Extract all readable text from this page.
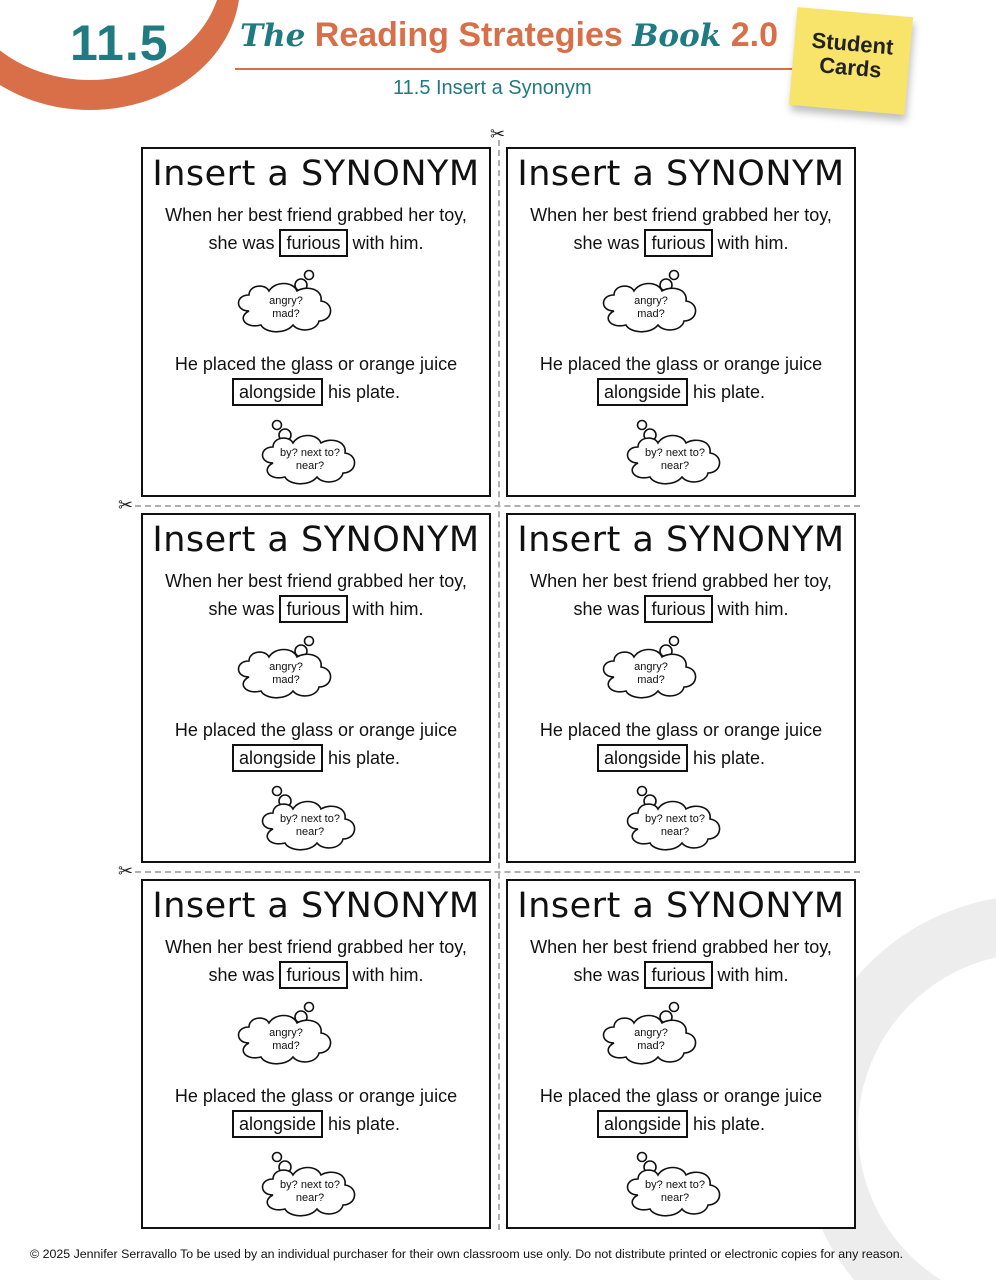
11.5	The Reading Strategies Book 2.0
11.5 Insert a Synonym
Student
Cards
✂
✂
✂
Insert a SYNONYM
When her best friend grabbed her toy,
she was furious with him.
angry?
mad?
He placed the glass or orange juice
alongside his plate.
by? next to?
near?
Insert a SYNONYM
When her best friend grabbed her toy,
she was furious with him.
angry?
mad?
He placed the glass or orange juice
alongside his plate.
by? next to?
near?
Insert a SYNONYM
When her best friend grabbed her toy,
she was furious with him.
angry?
mad?
He placed the glass or orange juice
alongside his plate.
by? next to?
near?
Insert a SYNONYM
When her best friend grabbed her toy,
she was furious with him.
angry?
mad?
He placed the glass or orange juice
alongside his plate.
by? next to?
near?
Insert a SYNONYM
When her best friend grabbed her toy,
she was furious with him.
angry?
mad?
He placed the glass or orange juice
alongside his plate.
by? next to?
near?
Insert a SYNONYM
When her best friend grabbed her toy,
she was furious with him.
angry?
mad?
He placed the glass or orange juice
alongside his plate.
by? next to?
near?
© 2025 Jennifer Serravallo To be used by an individual purchaser for their own classroom use only. Do not distribute printed or electronic copies for any reason.
